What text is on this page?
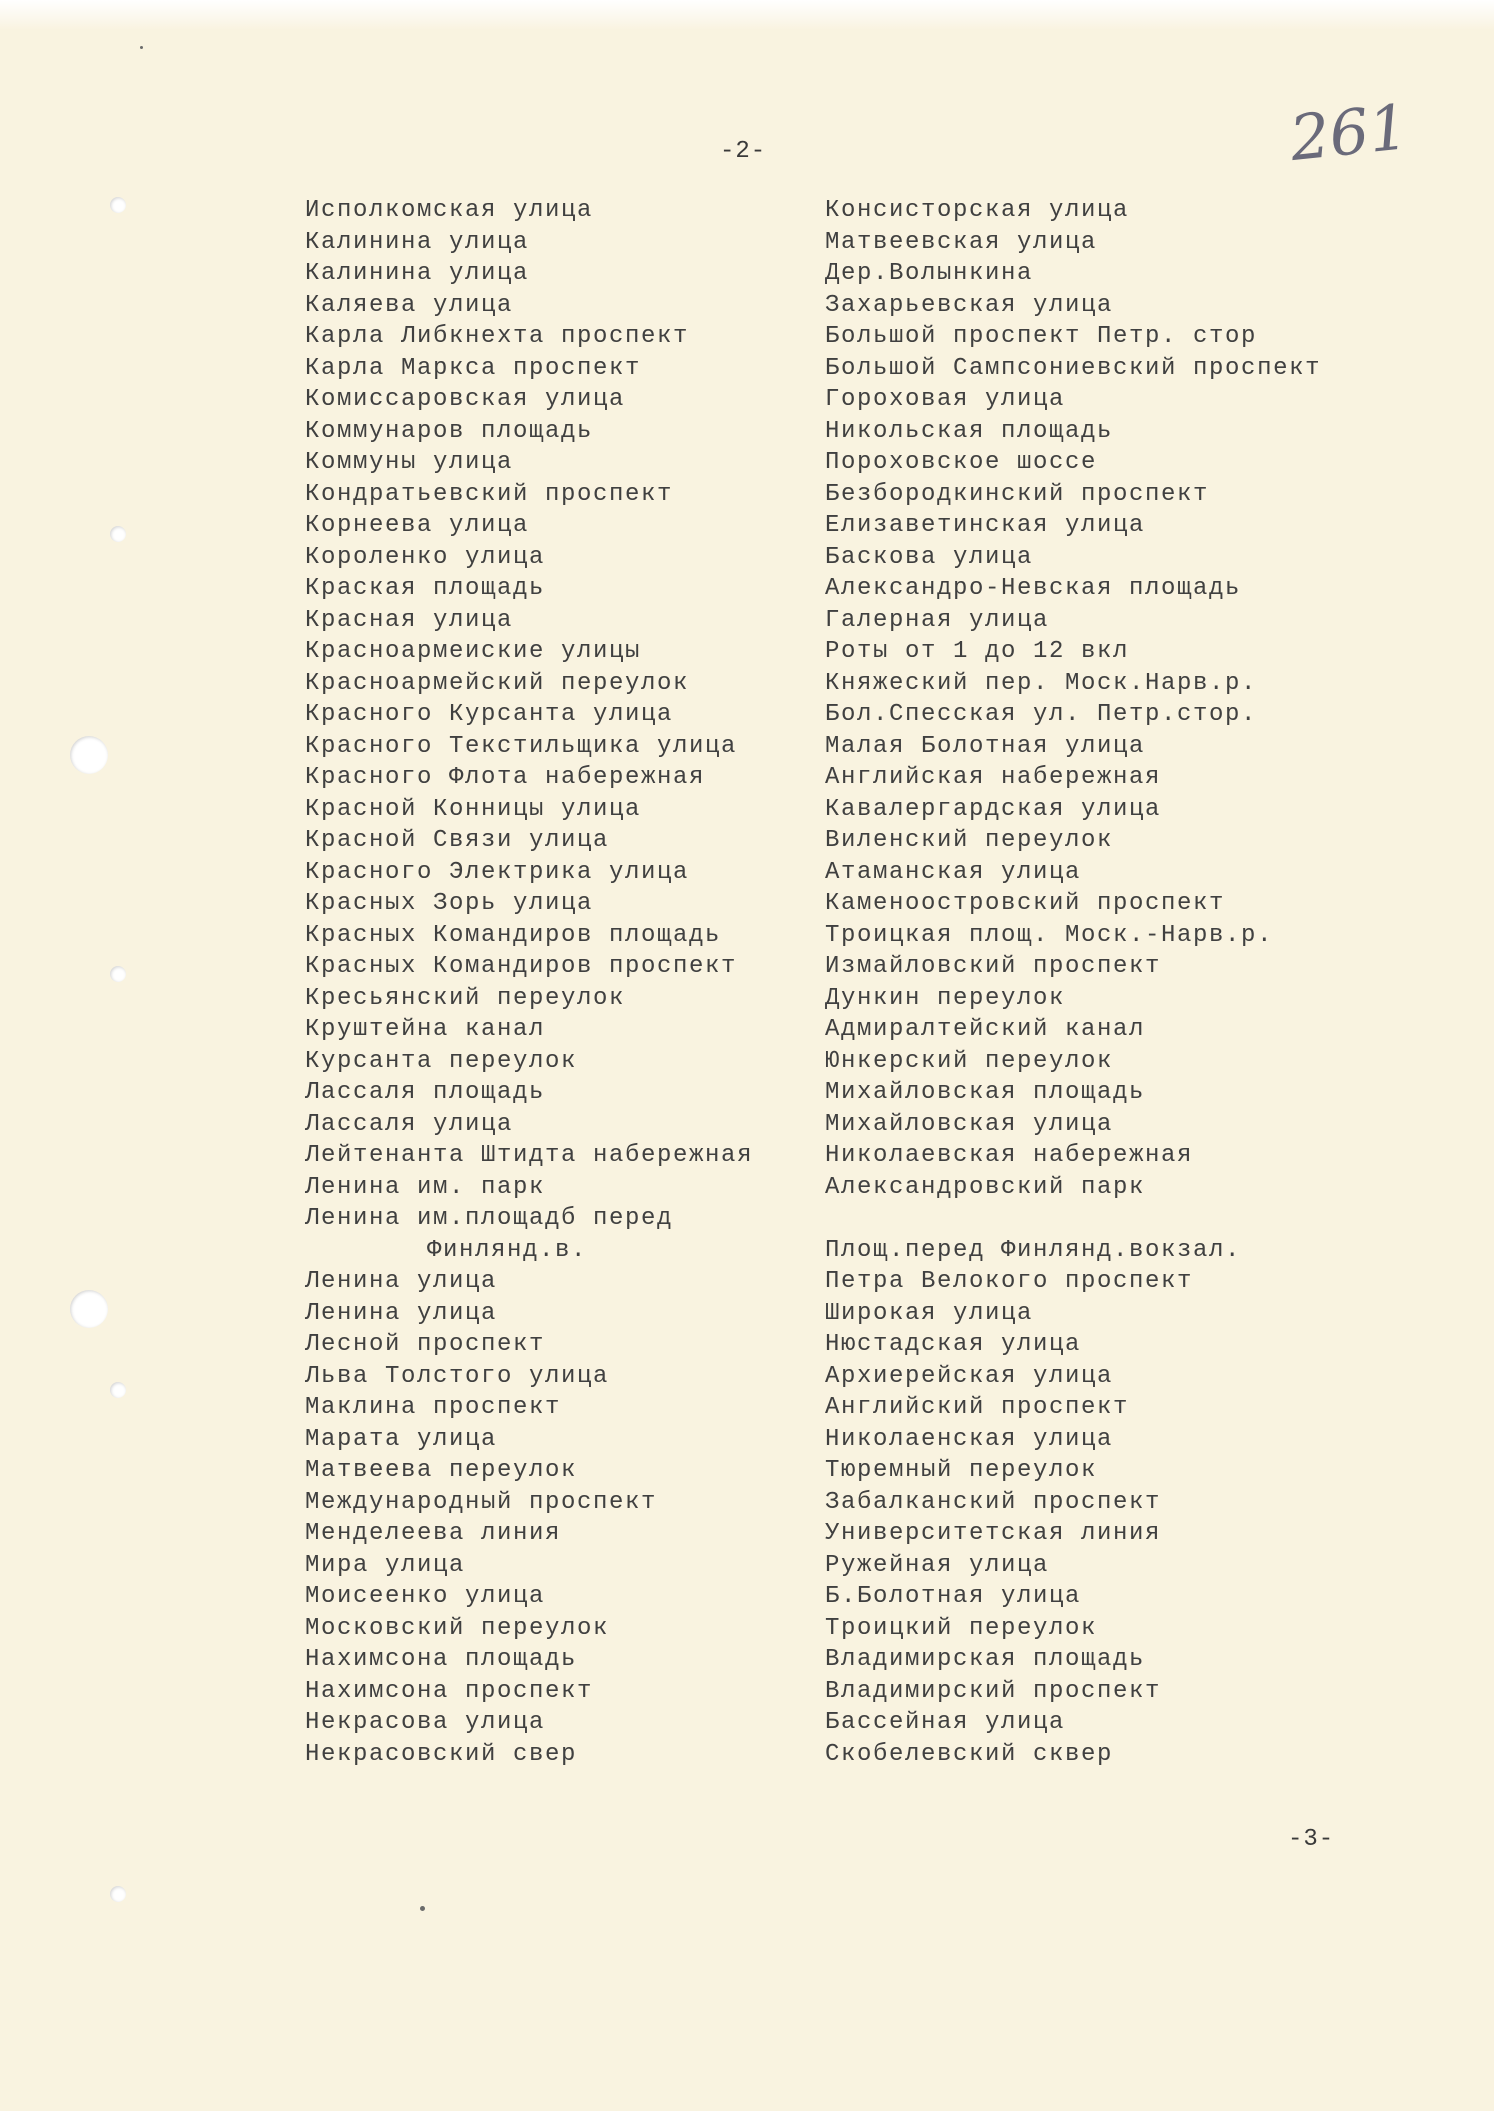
-2-	261
Исполкомская улица
Калинина улица
Калинина улица
Каляева улица
Карла Либкнехта проспект
Карла Маркса проспект
Комиссаровская улица
Коммунаров площадь
Коммуны улица
Кондратьевский проспект
Корнеева улица
Короленко улица
Краская площадь
Красная улица
Красноармеиские улицы
Красноармейский переулок
Красного Курсанта улица
Красного Текстильщика улица
Красного Флота набережная
Красной Конницы улица
Красной Связи улица
Красного Электрика улица
Красных Зорь улица
Красных Командиров площадь
Красных Командиров проспект
Кресьянский переулок
Круштейна канал
Курсанта переулок
Лассаля площадь
Лассаля улица
Лейтенанта Штидта набережная
Ленина им. парк
Ленина им.площадб перед
Финлянд.в.
Ленина улица
Ленина улица
Лесной проспект
Льва Толстого улица
Маклина проспект
Марата улица
Матвеева переулок
Международный проспект
Менделеева линия
Мира улица
Моисеенко улица
Московский переулок
Нахимсона площадь
Нахимсона проспект
Некрасова улица
Некрасовский свер
Консисторская улица
Матвеевская улица
Дер.Волынкина
Захарьевская улица
Большой проспект Петр. стор
Большой Сампсониевский проспект
Гороховая улица
Никольская площадь
Пороховское шоссе
Безбородкинский проспект
Елизаветинская улица
Баскова улица
Александро-Невская площадь
Галерная улица
Роты от 1 до 12 вкл
Княжеский пер. Моск.Нарв.р.
Бол.Спесская ул. Петр.стор.
Малая Болотная улица
Английская набережная
Кавалергардская улица
Виленский переулок
Атаманская улица
Каменоостровский проспект
Троицкая площ. Моск.-Нарв.р.
Измайловский проспект
Дункин переулок
Адмиралтейский канал
Юнкерский переулок
Михайловская площадь
Михайловская улица
Николаевская набережная
Александровский парк
Площ.перед Финлянд.вокзал.
Петра Велокого проспект
Широкая улица
Нюстадская улица
Архиерейская улица
Английский проспект
Николаенская улица
Тюремный переулок
Забалканский проспект
Университетская линия
Ружейная улица
Б.Болотная улица
Троицкий переулок
Владимирская площадь
Владимирский проспект
Бассейная улица
Скобелевский сквер
-3-
